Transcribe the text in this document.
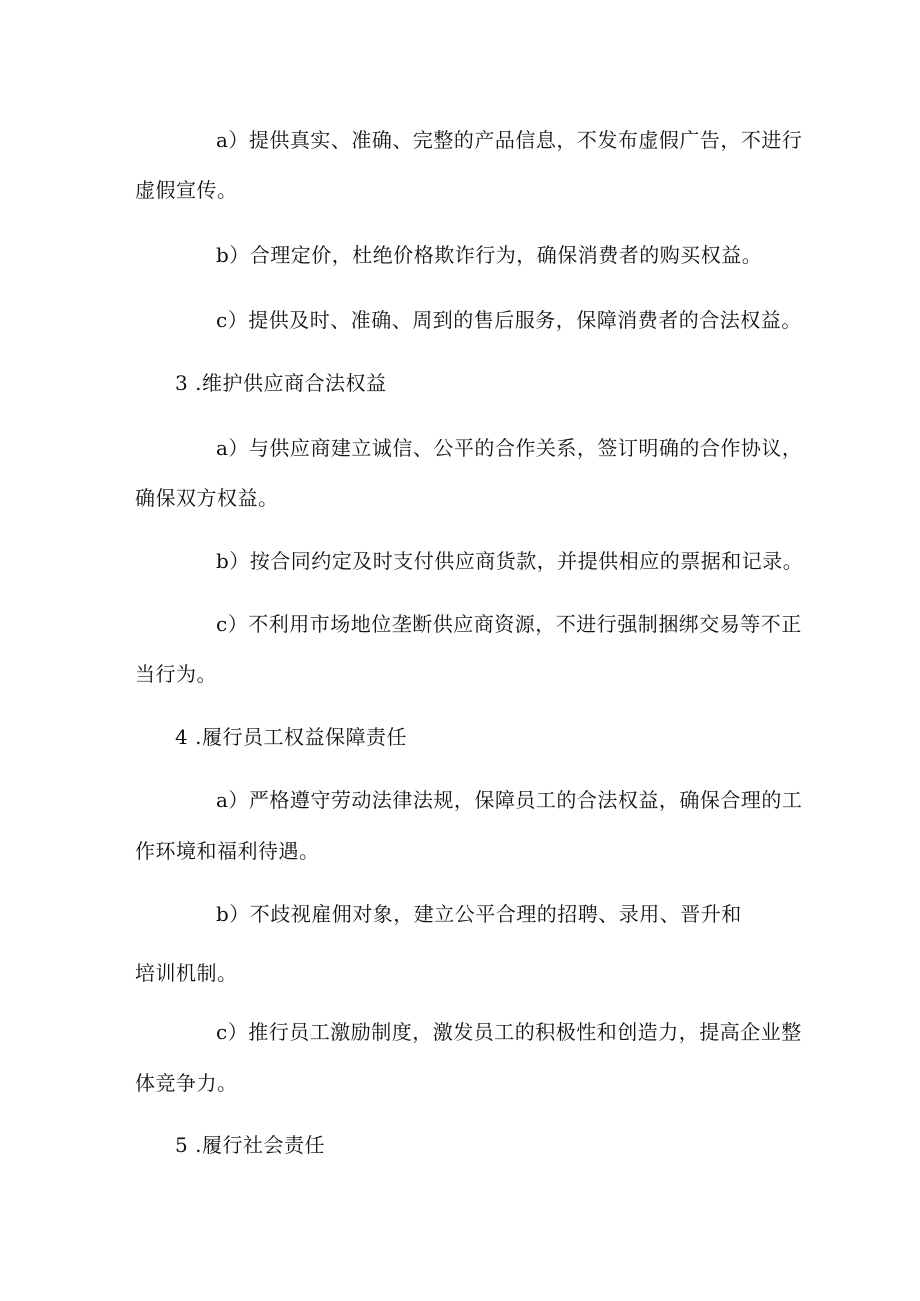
a）提供真实、准确、完整的产品信息，不发布虚假广告，不进行
虚假宣传。
b）合理定价，杜绝价格欺诈行为，确保消费者的购买权益。
c）提供及时、准确、周到的售后服务，保障消费者的合法权益。
3 .维护供应商合法权益
a）与供应商建立诚信、公平的合作关系，签订明确的合作协议，
确保双方权益。
b）按合同约定及时支付供应商货款，并提供相应的票据和记录。
c）不利用市场地位垄断供应商资源，不进行强制捆绑交易等不正
当行为。
4 .履行员工权益保障责任
a）严格遵守劳动法律法规，保障员工的合法权益，确保合理的工
作环境和福利待遇。
b）不歧视雇佣对象，建立公平合理的招聘、录用、晋升和
培训机制。
c）推行员工激励制度，激发员工的积极性和创造力，提高企业整
体竞争力。
5 .履行社会责任
